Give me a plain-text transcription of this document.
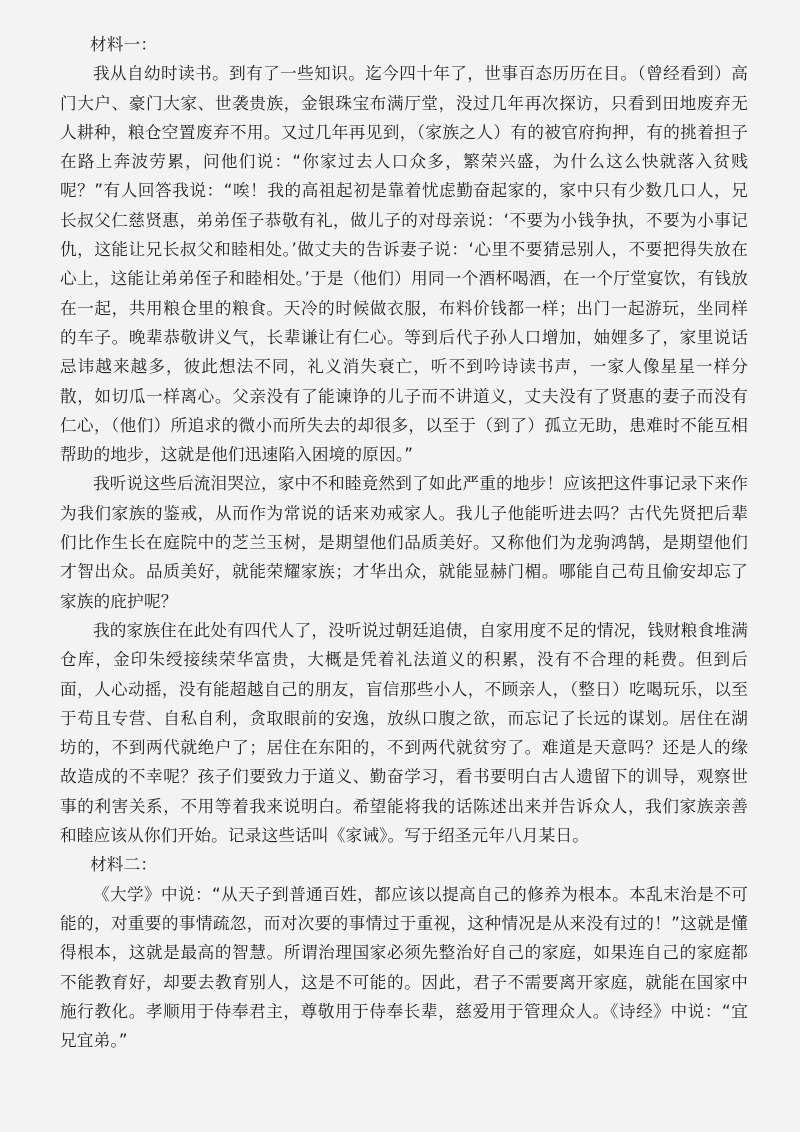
材料一：

我从自幼时读书。到有了一些知识。迄今四十年了，世事百态历历在目。（曾经看到）高门大户、豪门大家、世袭贵族，金银珠宝布满厅堂，没过几年再次探访，只看到田地废弃无人耕种，粮仓空置废弃不用。又过几年再见到，（家族之人）有的被官府拘押，有的挑着担子在路上奔波劳累，问他们说：“你家过去人口众多，繁荣兴盛，为什么这么快就落入贫贱呢？”有人回答我说：“唉！我的高祖起初是靠着忧虑勤奋起家的，家中只有少数几口人，兄长叔父仁慈贤惠，弟弟侄子恭敬有礼，做儿子的对母亲说：‘不要为小钱争执，不要为小事记仇，这能让兄长叔父和睦相处。’做丈夫的告诉妻子说：‘心里不要猜忌别人，不要把得失放在心上，这能让弟弟侄子和睦相处。’于是（他们）用同一个酒杯喝酒，在一个厅堂宴饮，有钱放在一起，共用粮仓里的粮食。天冷的时候做衣服，布料价钱都一样；出门一起游玩，坐同样的车子。晚辈恭敬讲义气，长辈谦让有仁心。等到后代子孙人口增加，妯娌多了，家里说话忌讳越来越多，彼此想法不同，礼义消失衰亡，听不到吟诗读书声，一家人像星星一样分散，如切瓜一样离心。父亲没有了能谏诤的儿子而不讲道义，丈夫没有了贤惠的妻子而没有仁心，（他们）所追求的微小而所失去的却很多，以至于（到了）孤立无助，患难时不能互相帮助的地步，这就是他们迅速陷入困境的原因。”

我听说这些后流泪哭泣，家中不和睦竟然到了如此严重的地步！应该把这件事记录下来作为我们家族的鉴戒，从而作为常说的话来劝戒家人。我儿子他能听进去吗？古代先贤把后辈们比作生长在庭院中的芝兰玉树，是期望他们品质美好。又称他们为龙驹鸿鹄，是期望他们才智出众。品质美好，就能荣耀家族；才华出众，就能显赫门楣。哪能自己苟且偷安却忘了家族的庇护呢？

我的家族住在此处有四代人了，没听说过朝廷追债，自家用度不足的情况，钱财粮食堆满仓库，金印朱绶接续荣华富贵，大概是凭着礼法道义的积累，没有不合理的耗费。但到后面，人心动摇，没有能超越自己的朋友，盲信那些小人，不顾亲人，（整日）吃喝玩乐，以至于苟且专营、自私自利，贪取眼前的安逸，放纵口腹之欲，而忘记了长远的谋划。居住在湖坊的，不到两代就绝户了；居住在东阳的，不到两代就贫穷了。难道是天意吗？还是人的缘故造成的不幸呢？孩子们要致力于道义、勤奋学习，看书要明白古人遗留下的训导，观察世事的利害关系，不用等着我来说明白。希望能将我的话陈述出来并告诉众人，我们家族亲善和睦应该从你们开始。记录这些话叫《家诫》。写于绍圣元年八月某日。

材料二：

《大学》中说：“从天子到普通百姓，都应该以提高自己的修养为根本。本乱末治是不可能的，对重要的事情疏忽，而对次要的事情过于重视，这种情况是从来没有过的！”这就是懂得根本，这就是最高的智慧。所谓治理国家必须先整治好自己的家庭，如果连自己的家庭都不能教育好，却要去教育别人，这是不可能的。因此，君子不需要离开家庭，就能在国家中施行教化。孝顺用于侍奉君主，尊敬用于侍奉长辈，慈爱用于管理众人。《诗经》中说：“宜兄宜弟。”
